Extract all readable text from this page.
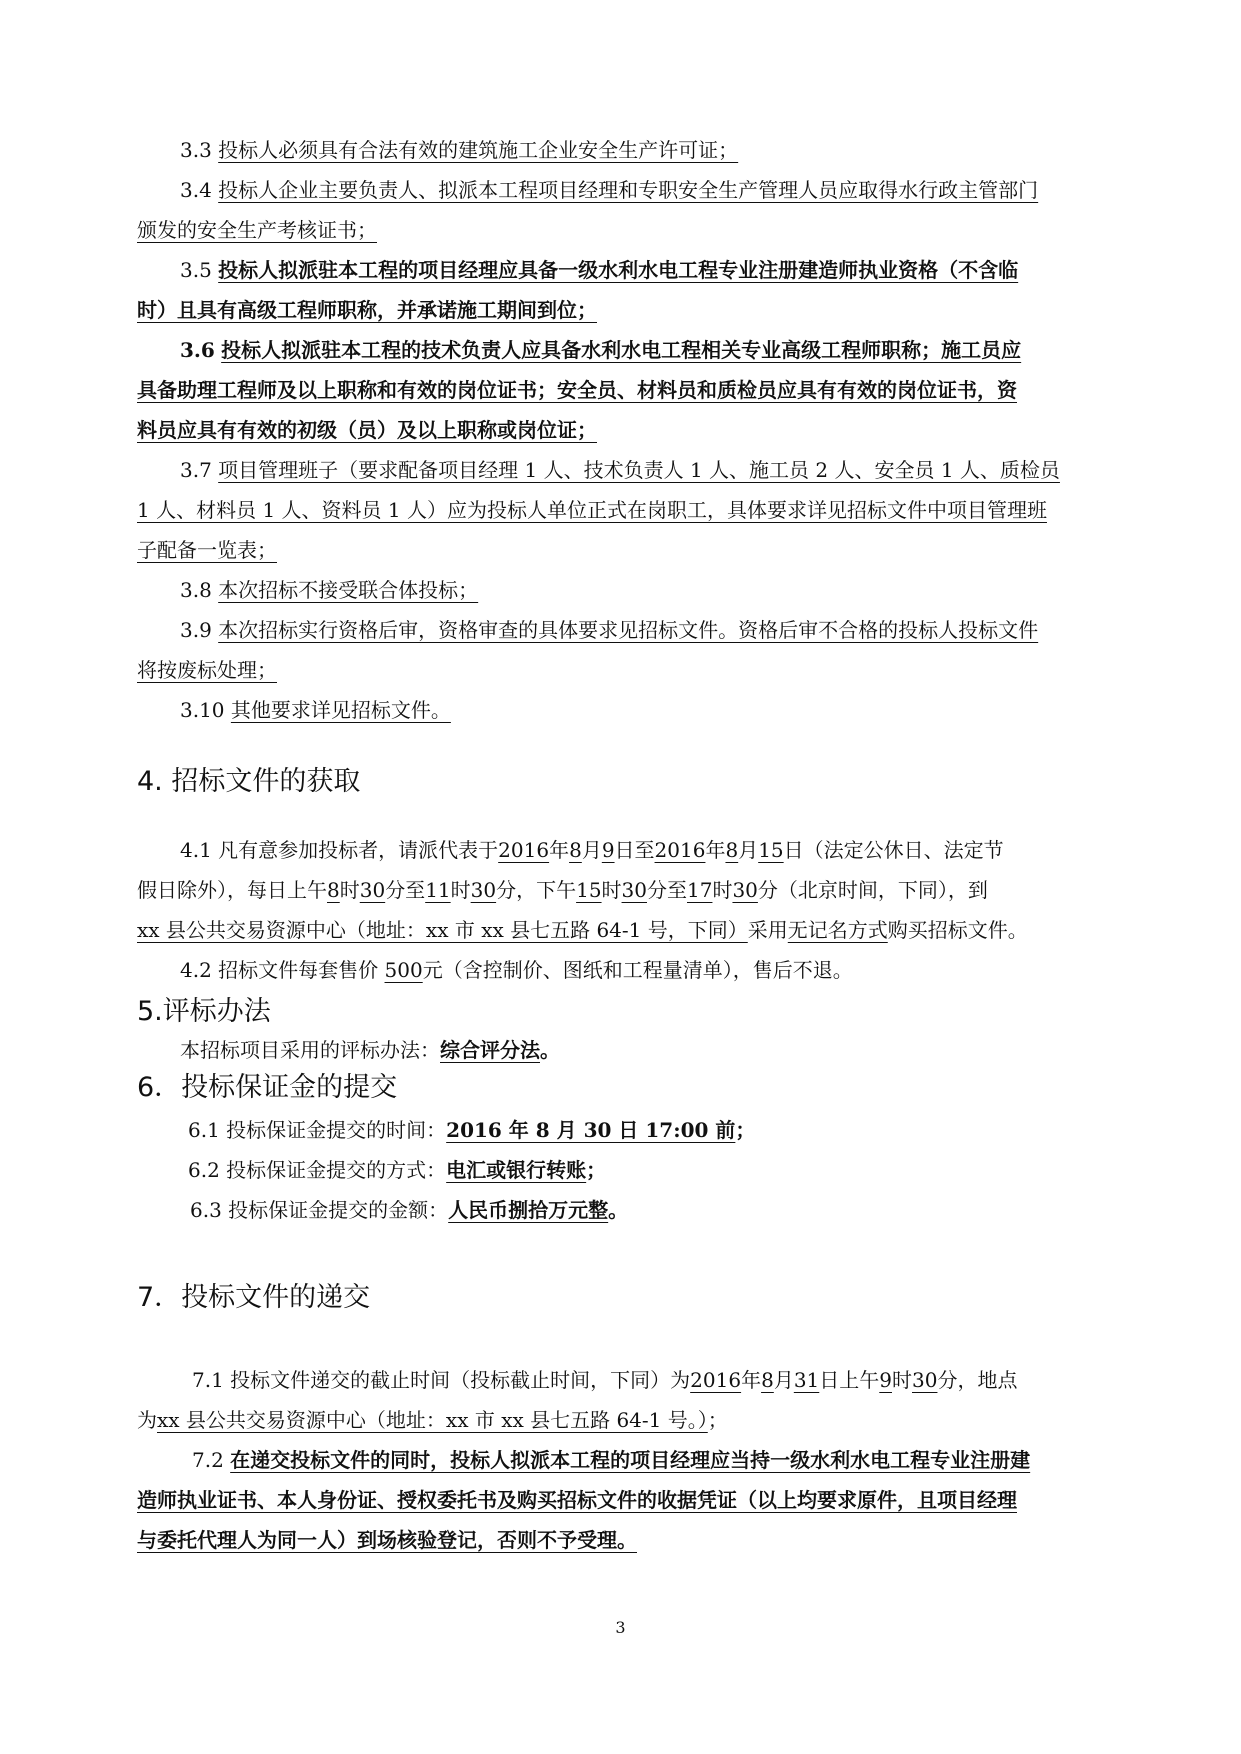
3.3 投标人必须具有合法有效的建筑施工企业安全生产许可证；
3.4 投标人企业主要负责人、拟派本工程项目经理和专职安全生产管理人员应取得水行政主管部门
颁发的安全生产考核证书；
3.5 投标人拟派驻本工程的项目经理应具备一级水利水电工程专业注册建造师执业资格（不含临
时）且具有高级工程师职称，并承诺施工期间到位；
3.6 投标人拟派驻本工程的技术负责人应具备水利水电工程相关专业高级工程师职称；施工员应
具备助理工程师及以上职称和有效的岗位证书；安全员、材料员和质检员应具有有效的岗位证书，资
料员应具有有效的初级（员）及以上职称或岗位证；
3.7 项目管理班子（要求配备项目经理 1 人、技术负责人 1 人、施工员 2 人、安全员 1 人、质检员
1 人、材料员 1 人、资料员 1 人）应为投标人单位正式在岗职工，具体要求详见招标文件中项目管理班
子配备一览表；
3.8 本次招标不接受联合体投标；
3.9 本次招标实行资格后审，资格审查的具体要求见招标文件。资格后审不合格的投标人投标文件
将按废标处理；
3.10 其他要求详见招标文件。
4. 招标文件的获取
4.1 凡有意参加投标者，请派代表于2016年8月9日至2016年8月15日（法定公休日、法定节
假日除外），每日上午8时30分至11时30分，下午15时30分至17时30分（北京时间，下同），到
xx 县公共交易资源中心（地址：xx 市 xx 县七五路 64-1 号，下同）采用无记名方式购买招标文件。
4.2 招标文件每套售价 500元（含控制价、图纸和工程量清单），售后不退。
5.评标办法
本招标项目采用的评标办法：综合评分法。
6．投标保证金的提交
6.1 投标保证金提交的时间：2016 年 8 月 30 日 17:00 前；
6.2 投标保证金提交的方式：电汇或银行转账；
6.3 投标保证金提交的金额：人民币捌拾万元整。
7．投标文件的递交
7.1 投标文件递交的截止时间（投标截止时间，下同）为2016年8月31日上午9时30分，地点
为xx 县公共交易资源中心（地址：xx 市 xx 县七五路 64-1 号。）；
7.2 在递交投标文件的同时，投标人拟派本工程的项目经理应当持一级水利水电工程专业注册建
造师执业证书、本人身份证、授权委托书及购买招标文件的收据凭证（以上均要求原件，且项目经理
与委托代理人为同一人）到场核验登记，否则不予受理。
3
